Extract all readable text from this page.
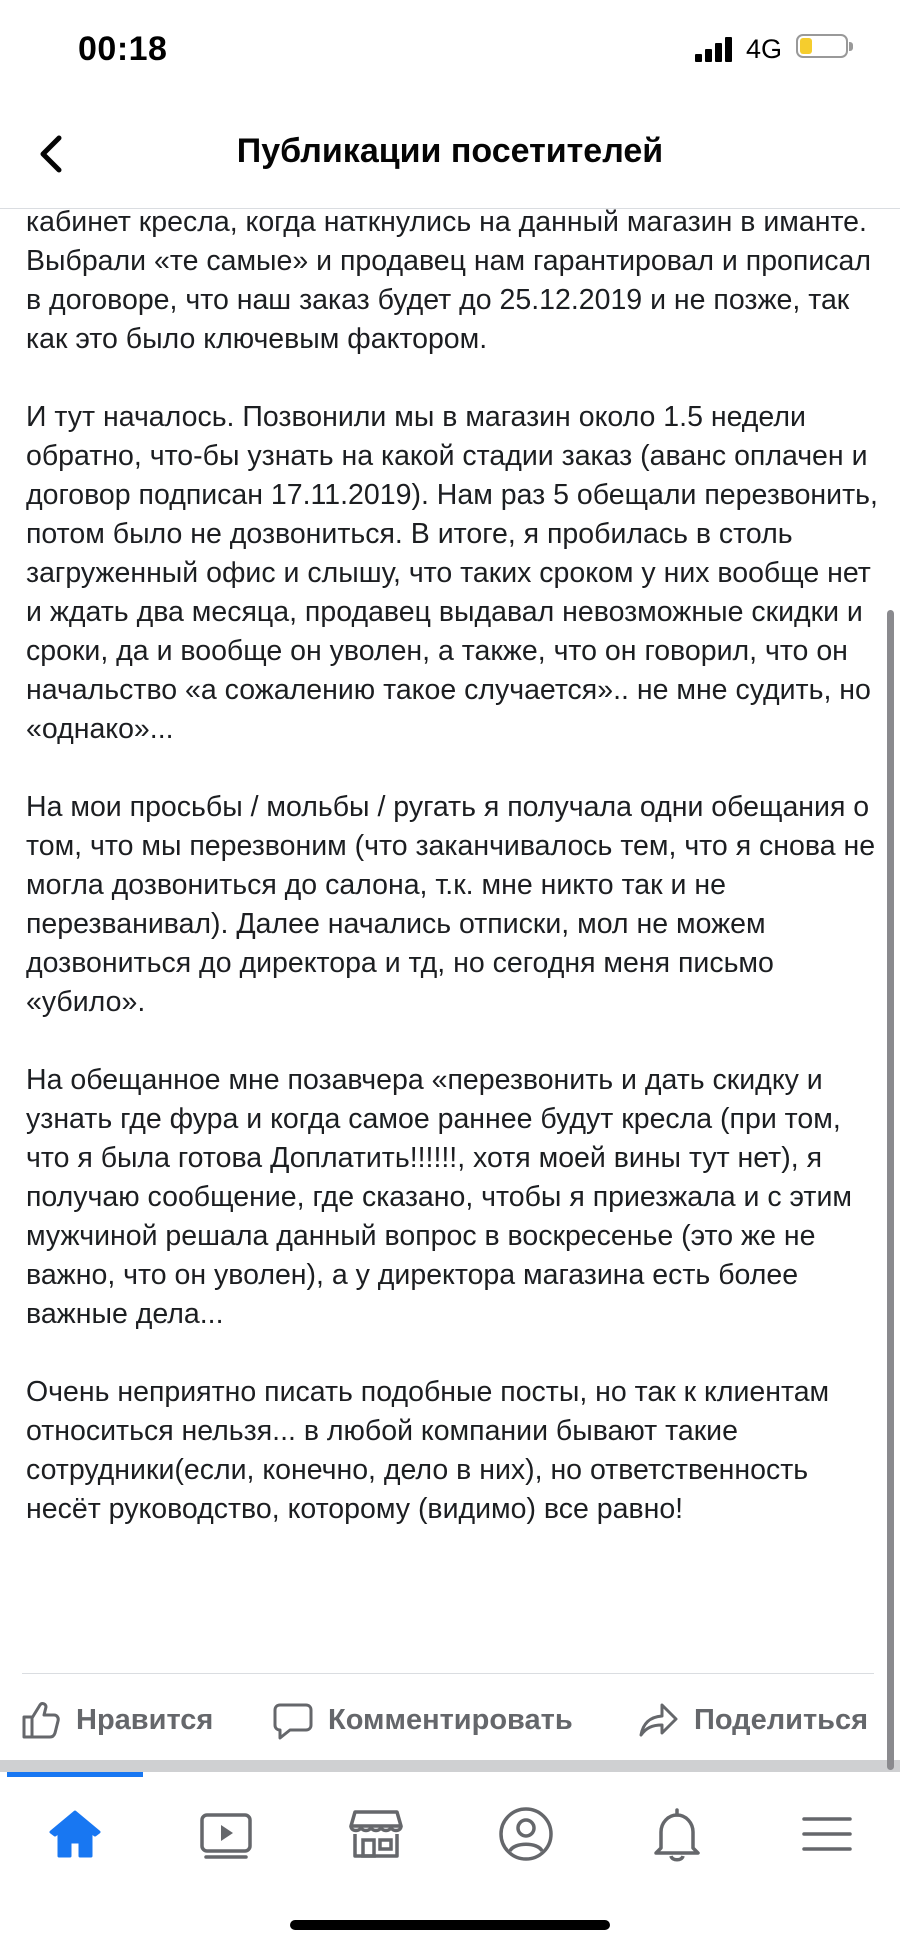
00:18	4G
Публикации посетителей

кабинет кресла, когда наткнулись на данный магазин в иманте. Выбрали «те самые» и продавец нам гарантировал и прописал в договоре, что наш заказ будет до 25.12.2019 и не позже, так как это было ключевым фактором.

И тут началось. Позвонили мы в магазин около 1.5 недели обратно, что-бы узнать на какой стадии заказ (аванс оплачен и договор подписан 17.11.2019). Нам раз 5 обещали перезвонить, потом было не дозвониться. В итоге, я пробилась в столь загруженный офис и слышу, что таких сроком у них вообще нет и ждать два месяца, продавец выдавал невозможные скидки и сроки, да и вообще он уволен, а также, что он говорил, что он начальство «а сожалению такое случается».. не мне судить, но «однако»...

На мои просьбы / мольбы / ругать я получала одни обещания о том, что мы перезвоним (что заканчивалось тем, что я снова не могла дозвониться до салона, т.к. мне никто так и не перезванивал). Далее начались отписки, мол не можем дозвониться до директора и тд, но сегодня меня письмо «убило».

На обещанное мне позавчера «перезвонить и дать скидку и узнать где фура и когда самое раннее будут кресла (при том, что я была готова Доплатить!!!!!!, хотя моей вины тут нет), я получаю сообщение, где сказано, чтобы я приезжала и с этим мужчиной решала данный вопрос в воскресенье (это же не важно, что он уволен), а у директора магазина есть более важные дела...

Очень неприятно писать подобные посты, но так к клиентам относиться нельзя... в любой компании бывают такие сотрудники(если, конечно, дело в них), но ответственность несёт руководство, которому (видимо) все равно!

Нравится	Комментировать	Поделиться
